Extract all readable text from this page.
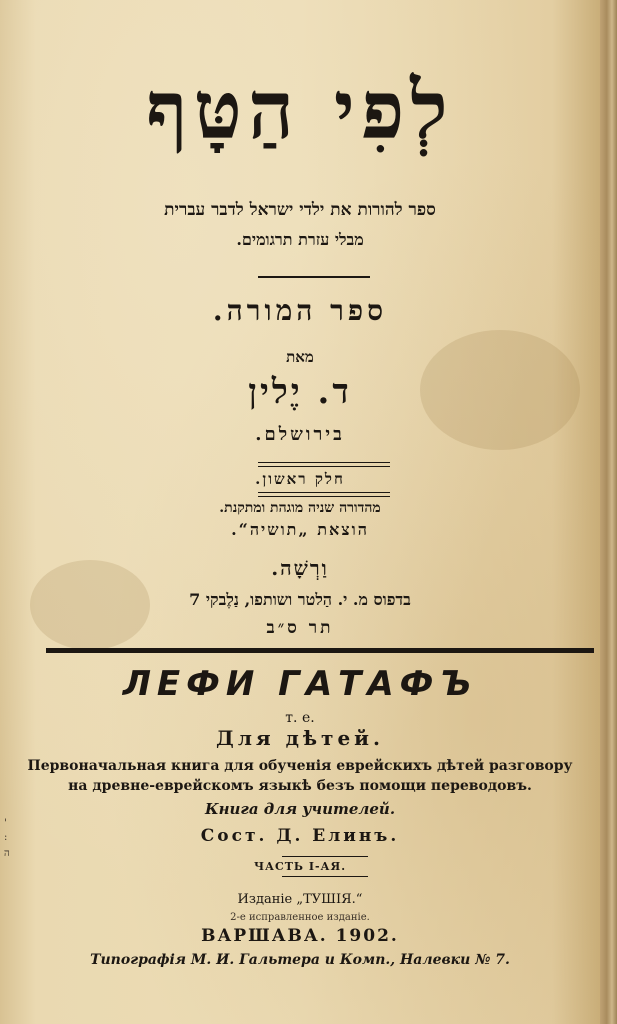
לְפִי הַטָּף
ספר להורות את ילדי ישראל לדבר עברית
מבלי עזרת תרגומים.
ספר המורה.
מאת
ד. יֶלין
בירושלם.
חלק ראשון.
מהדורה שניה מוגהת ומתקנת.
הוצאת „תושיה“.
וַרְשָׁה.
בדפוס מ. י. הַלטר ושותפו, נַלֶבקי 7
תר ס״ב
ЛЕФИ ГАТАФЪ
т. е.
Для дѣтей.
Первоначальная книга для обученія еврейскихъ дѣтей разговору
на древне-еврейскомъ языкѣ безъ помощи переводовъ.
Книга для учителей.
Сост. Д. Елинъ.
ЧАСТЬ I-АЯ.
Изданіе „ТУШІЯ.“
2-е исправленное изданіе.
ВАРШАВА. 1902.
Типографія М. И. Гальтера и Комп., Налевки № 7.
'
:
ה
